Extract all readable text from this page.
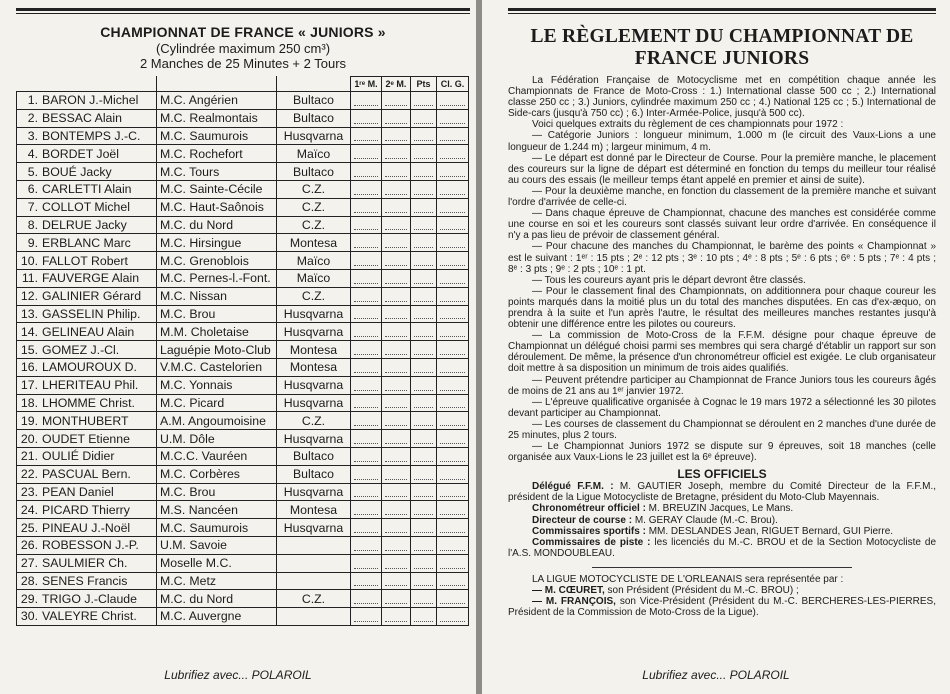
CHAMPIONNAT DE FRANCE « JUNIORS »
(Cylindrée maximum 250 cm³)
2 Manches de 25 Minutes + 2 Tours
			1ʳᵉ M.	2ᵉ M.	Pts	Cl. G.
1. BARON J.-Michel	M.C. Angérien	Bultaco				
2. BESSAC Alain	M.C. Realmontais	Bultaco				
3. BONTEMPS J.-C.	M.C. Saumurois	Husqvarna				
4. BORDET Joël	M.C. Rochefort	Maïco				
5. BOUÉ Jacky	M.C. Tours	Bultaco				
6. CARLETTI Alain	M.C. Sainte-Cécile	C.Z.				
7. COLLOT Michel	M.C. Haut-Saônois	C.Z.				
8. DELRUE Jacky	M.C. du Nord	C.Z.				
9. ERBLANC Marc	M.C. Hirsingue	Montesa				
10. FALLOT Robert	M.C. Grenoblois	Maïco				
11. FAUVERGE Alain	M.C. Pernes-l.-Font.	Maïco				
12. GALINIER Gérard	M.C. Nissan	C.Z.				
13. GASSELIN Philip.	M.C. Brou	Husqvarna				
14. GELINEAU Alain	M.M. Choletaise	Husqvarna				
15. GOMEZ J.-Cl.	Laguépie Moto-Club	Montesa				
16. LAMOUROUX D.	V.M.C. Castelorien	Montesa				
17. LHERITEAU Phil.	M.C. Yonnais	Husqvarna				
18. LHOMME Christ.	M.C. Picard	Husqvarna				
19. MONTHUBERT	A.M. Angoumoisine	C.Z.				
20. OUDET Etienne	U.M. Dôle	Husqvarna				
21. OULIÉ Didier	M.C.C. Vauréen	Bultaco				
22. PASCUAL Bern.	M.C. Corbères	Bultaco				
23. PEAN Daniel	M.C. Brou	Husqvarna				
24. PICARD Thierry	M.S. Nancéen	Montesa				
25. PINEAU J.-Noël	M.C. Saumurois	Husqvarna				
26. ROBESSON J.-P.	U.M. Savoie					
27. SAULMIER Ch.	Moselle M.C.					
28. SENES Francis	M.C. Metz					
29. TRIGO J.-Claude	M.C. du Nord	C.Z.				
30. VALEYRE Christ.	M.C. Auvergne					
Lubrifiez avec... POLAROIL
LE RÈGLEMENT DU CHAMPIONNAT DE FRANCE JUNIORS

La Fédération Française de Motocyclisme met en compétition chaque année les Championnats de France de Moto-Cross : 1.) International classe 500 cc ; 2.) International classe 250 cc ; 3.) Juniors, cylindrée maximum 250 cc ; 4.) National 125 cc ; 5.) International de Side-cars (jusqu'à 750 cc) ; 6.) Inter-Armée-Police, jusqu'à 500 cc).

Voici quelques extraits du règlement de ces championnats pour 1972 :

— Catégorie Juniors : longueur minimum, 1.000 m (le circuit des Vaux-Lions a une longueur de 1.244 m) ; largeur minimum, 4 m.

— Le départ est donné par le Directeur de Course. Pour la première manche, le placement des coureurs sur la ligne de départ est déterminé en fonction du temps du meilleur tour réalisé au cours des essais (le meilleur temps étant appelé en premier et ainsi de suite).

— Pour la deuxième manche, en fonction du classement de la première manche et suivant l'ordre d'arrivée de celle-ci.

— Dans chaque épreuve de Championnat, chacune des manches est considérée comme une course en soi et les coureurs sont classés suivant leur ordre d'arrivée. En conséquence il n'y a pas lieu de prévoir de classement général.

— Pour chacune des manches du Championnat, le barème des points « Championnat » est le suivant : 1ᵉʳ : 15 pts ; 2ᵉ : 12 pts ; 3ᵉ : 10 pts ; 4ᵉ : 8 pts ; 5ᵉ : 6 pts ; 6ᵉ : 5 pts ; 7ᵉ : 4 pts ; 8ᵉ : 3 pts ; 9ᵉ : 2 pts ; 10ᵉ : 1 pt.

— Tous les coureurs ayant pris le départ devront être classés.

— Pour le classement final des Championnats, on additionnera pour chaque coureur les points marqués dans la moitié plus un du total des manches disputées. En cas d'ex-æquo, on prendra à la suite et l'un après l'autre, le résultat des meilleures manches restantes jusqu'à obtenir une différence entre les pilotes ou coureurs.

— La commission de Moto-Cross de la F.F.M. désigne pour chaque épreuve de Championnat un délégué choisi parmi ses membres qui sera chargé d'établir un rapport sur son déroulement. De même, la présence d'un chronométreur officiel est exigée. Le club organisateur doit mettre à sa disposition un minimum de trois aides qualifiés.

— Peuvent prétendre participer au Championnat de France Juniors tous les coureurs âgés de moins de 21 ans au 1ᵉʳ janvier 1972.

— L'épreuve qualificative organisée à Cognac le 19 mars 1972 a sélectionné les 30 pilotes devant participer au Championnat.

— Les courses de classement du Championnat se déroulent en 2 manches d'une durée de 25 minutes, plus 2 tours.

— Le Championnat Juniors 1972 se dispute sur 9 épreuves, soit 18 manches (celle organisée aux Vaux-Lions le 23 juillet est la 6ᵉ épreuve).

LES OFFICIELS

Délégué F.F.M. : M. GAUTIER Joseph, membre du Comité Directeur de la F.F.M., président de la Ligue Motocycliste de Bretagne, président du Moto-Club Mayennais.

Chronométreur officiel : M. BREUZIN Jacques, Le Mans.

Directeur de course : M. GERAY Claude (M.-C. Brou).

Commissaires sportifs : MM. DESLANDES Jean, RIGUET Bernard, GUI Pierre.

Commissaires de piste : les licenciés du M.-C. BROU et de la Section Motocycliste de l'A.S. MONDOUBLEAU.

LA LIGUE MOTOCYCLISTE DE L'ORLEANAIS sera représentée par :

— M. CŒURET, son Président (Président du M.-C. BROU) ;

— M. FRANÇOIS, son Vice-Président (Président du M.-C. BERCHERES-LES-PIERRES, Président de la Commission de Moto-Cross de la Ligue).

Lubrifiez avec... POLAROIL
